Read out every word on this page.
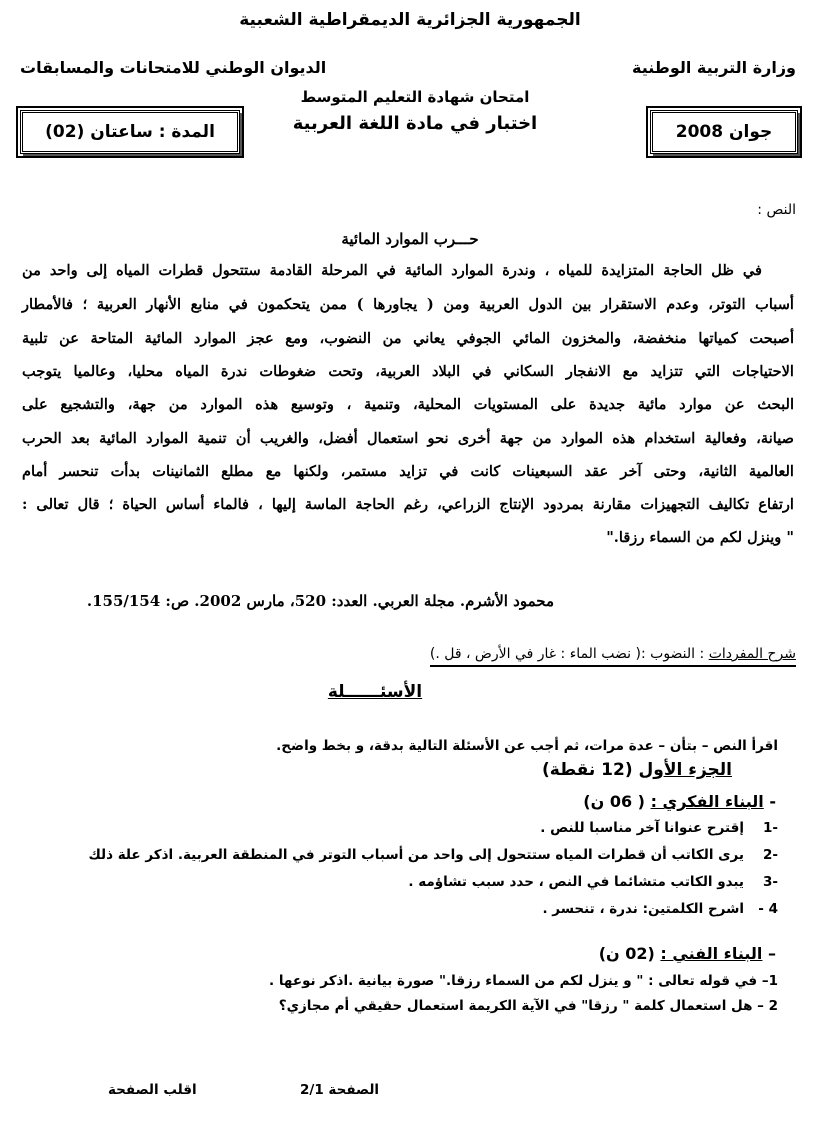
الجمهورية الجزائرية الديمقراطية الشعبية
وزارة التربية الوطنية
الديوان الوطني للامتحانات والمسابقات
امتحان شهادة التعليم المتوسط
اختبار في مادة اللغة العربية
المدة : ساعتان (02)	جوان 2008
النص :
حـــرب الموارد المائية
في ظل الحاجة المتزايدة للمياه ، وندرة الموارد المائية في المرحلة القادمة ستتحول قطرات المياه إلى واحد من
أسباب التوتر، وعدم الاستقرار بين الدول العربية ومن ( يجاورها ) ممن يتحكمون في منابع الأنهار العربية ؛ فالأمطار
أصبحت كمياتها منخفضة، والمخزون المائي الجوفي يعاني من النضوب، ومع عجز الموارد المائية المتاحة عن تلبية
الاحتياجات التي تتزايد مع الانفجار السكاني في البلاد العربية، وتحت ضغوطات ندرة المياه محليا، وعالميا يتوجب
البحث عن موارد مائية جديدة على المستويات المحلية، وتنمية ، وتوسيع هذه الموارد من جهة، والتشجيع على
صيانة، وفعالية استخدام هذه الموارد من جهة أخرى نحو استعمال أفضل، والغريب أن تنمية الموارد المائية بعد الحرب
العالمية الثانية، وحتى آخر عقد السبعينات كانت في تزايد مستمر، ولكنها مع مطلع الثمانينات بدأت تنحسر أمام
ارتفاع تكاليف التجهيزات مقارنة بمردود الإنتاج الزراعي، رغم الحاجة الماسة إليها ، فالماء أساس الحياة ؛ قال تعالى :
" وينزل لكم من السماء رزقا."
محمود الأشرم. مجلة العربي. العدد: 520، مارس 2002. ص: 155/154.
شرح المفردات : النضوب :( نضب الماء : غار في الأرض ، قل .)
الأسئــــــلة
اقرأ النص – بتأن – عدة مرات، ثم أجب عن الأسئلة التالية بدقة، و بخط واضح.
الجزء الأول (12 نقطة)
- البناء الفكري : ( 06 ن)
-1
إقترح عنوانا آخر مناسبا للنص .
-2
يرى الكاتب أن قطرات المياه ستتحول إلى واحد من أسباب التوتر في المنطقة العربية. اذكر علة ذلك
-3
يبدو الكاتب متشائما في النص ، حدد سبب تشاؤمه .
4 -
اشرح الكلمتين: ندرة ، تنحسر .
– البناء الفني : (02 ن)
1– في قوله تعالى : " و ينزل لكم من السماء رزقا." صورة بيانية .اذكر نوعها .
2 – هل استعمال كلمة " رزقا" في الآية الكريمة استعمال حقيقي أم مجازي؟
الصفحة 2/1
اقلب الصفحة
